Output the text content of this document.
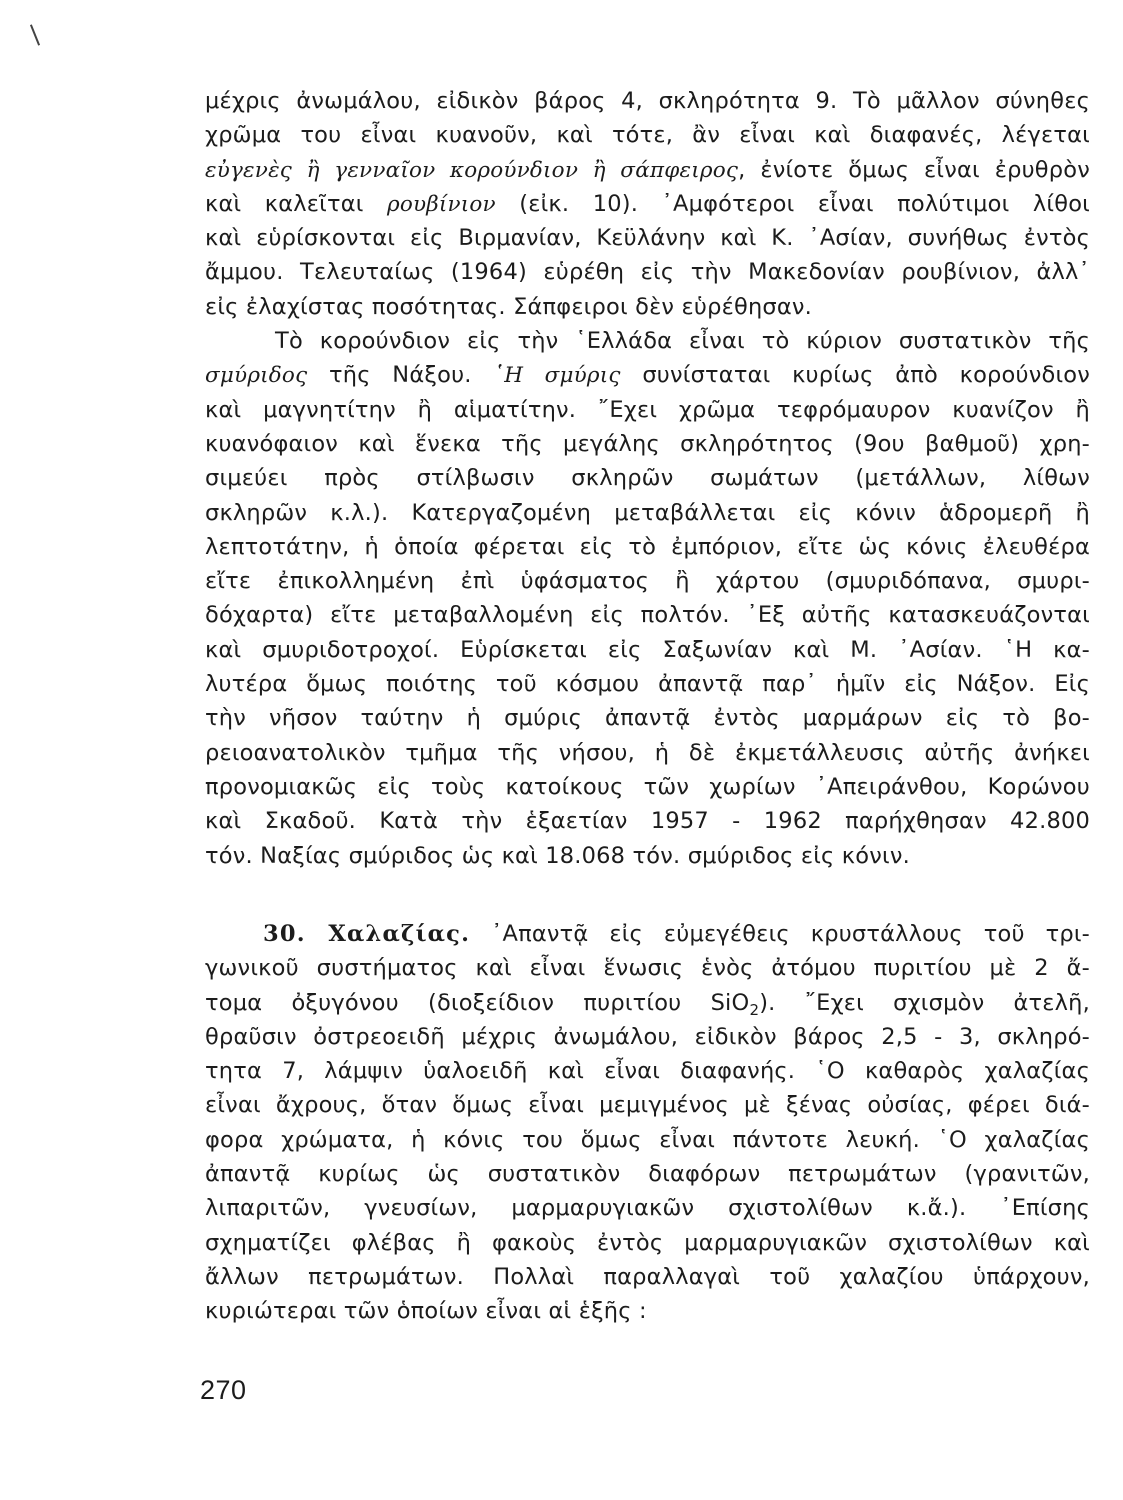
μέχρις ἀνωμάλου, εἰδικὸν βάρος 4, σκληρότητα 9. Τὸ μᾶλλον σύνηθες
χρῶμα του εἶναι κυανοῦν, καὶ τότε, ἂν εἶναι καὶ διαφανές, λέγεται
εὐγενὲς ἢ γενναῖον κορούνδιον ἢ σάπφειρος, ἐνίοτε ὅμως εἶναι ἐρυθρὸν
καὶ καλεῖται ρουβίνιον (εἰκ. 10). ᾿Αμφότεροι εἶναι πολύτιμοι λίθοι
καὶ εὑρίσκονται εἰς Βιρμανίαν, Κεϋλάνην καὶ Κ. ᾿Ασίαν, συνήθως ἐντὸς
ἄμμου. Τελευταίως (1964) εὑρέθη εἰς τὴν Μακεδονίαν ρουβίνιον, ἀλλ᾿
εἰς ἐλαχίστας ποσότητας. Σάπφειροι δὲν εὑρέθησαν.
Τὸ κορούνδιον εἰς τὴν ῾Ελλάδα εἶναι τὸ κύριον συστατικὸν τῆς
σμύριδος τῆς Νάξου. ῾Η σμύρις συνίσταται κυρίως ἀπὸ κορούνδιον
καὶ μαγνητίτην ἢ αἱματίτην. ῎Εχει χρῶμα τεφρόμαυρον κυανίζον ἢ
κυανόφαιον καὶ ἕνεκα τῆς μεγάλης σκληρότητος (9ου βαθμοῦ) χρη-
σιμεύει πρὸς στίλβωσιν σκληρῶν σωμάτων (μετάλλων, λίθων
σκληρῶν κ.λ.). Κατεργαζομένη μεταβάλλεται εἰς κόνιν ἁδρομερῆ ἢ
λεπτοτάτην, ἡ ὁποία φέρεται εἰς τὸ ἐμπόριον, εἴτε ὡς κόνις ἐλευθέρα
εἴτε ἐπικολλημένη ἐπὶ ὑφάσματος ἢ χάρτου (σμυριδόπανα, σμυρι-
δόχαρτα) εἴτε μεταβαλλομένη εἰς πολτόν. ᾿Εξ αὐτῆς κατασκευάζονται
καὶ σμυριδοτροχοί. Εὑρίσκεται εἰς Σαξωνίαν καὶ Μ. ᾿Ασίαν. ῾Η κα-
λυτέρα ὅμως ποιότης τοῦ κόσμου ἀπαντᾷ παρ᾿ ἡμῖν εἰς Νάξον. Εἰς
τὴν νῆσον ταύτην ἡ σμύρις ἀπαντᾷ ἐντὸς μαρμάρων εἰς τὸ βο-
ρειοανατολικὸν τμῆμα τῆς νήσου, ἡ δὲ ἐκμετάλλευσις αὐτῆς ἀνήκει
προνομιακῶς εἰς τοὺς κατοίκους τῶν χωρίων ᾿Απειράνθου, Κορώνου
καὶ Σκαδοῦ. Κατὰ τὴν ἑξαετίαν 1957 - 1962 παρήχθησαν 42.800
τόν. Ναξίας σμύριδος ὡς καὶ 18.068 τόν. σμύριδος εἰς κόνιν.
30. Χαλαζίας. ᾿Απαντᾷ εἰς εὐμεγέθεις κρυστάλλους τοῦ τρι-
γωνικοῦ συστήματος καὶ εἶναι ἕνωσις ἑνὸς ἀτόμου πυριτίου μὲ 2 ἄ-
τομα ὀξυγόνου (διοξείδιον πυριτίου SiO$_2$). ῎Εχει σχισμὸν ἀτελῆ,
θραῦσιν ὀστρεοειδῆ μέχρις ἀνωμάλου, εἰδικὸν βάρος 2,5 - 3, σκληρό-
τητα 7, λάμψιν ὑαλοειδῆ καὶ εἶναι διαφανής. ῾Ο καθαρὸς χαλαζίας
εἶναι ἄχρους, ὅταν ὅμως εἶναι μεμιγμένος μὲ ξένας οὐσίας, φέρει διά-
φορα χρώματα, ἡ κόνις του ὅμως εἶναι πάντοτε λευκή. ῾Ο χαλαζίας
ἀπαντᾷ κυρίως ὡς συστατικὸν διαφόρων πετρωμάτων (γρανιτῶν,
λιπαριτῶν, γνευσίων, μαρμαρυγιακῶν σχιστολίθων κ.ἄ.). ᾿Επίσης
σχηματίζει φλέβας ἢ φακοὺς ἐντὸς μαρμαρυγιακῶν σχιστολίθων καὶ
ἄλλων πετρωμάτων. Πολλαὶ παραλλαγαὶ τοῦ χαλαζίου ὑπάρχουν,
κυριώτεραι τῶν ὁποίων εἶναι αἱ ἑξῆς :
270
